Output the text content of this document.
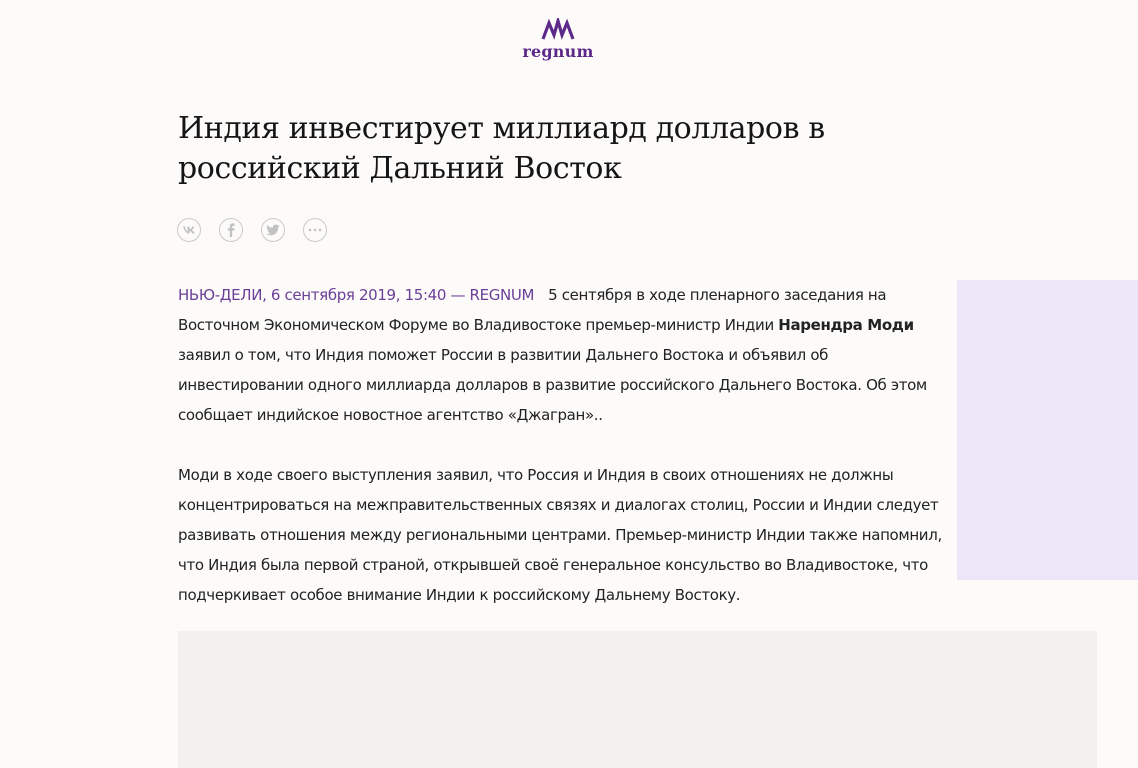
regnum
Индия инвестирует миллиард долларов в российский Дальний Восток

НЬЮ-ДЕЛИ, 6 сентября 2019, 15:40 — REGNUM 5 сентября в ходе пленарного заседания на Восточном Экономическом Форуме во Владивостоке премьер-министр Индии Нарендра Моди заявил о том, что Индия поможет России в развитии Дальнего Востока и объявил об инвестировании одного миллиарда долларов в развитие российского Дальнего Востока. Об этом сообщает индийское новостное агентство «Джагран»..

Моди в ходе своего выступления заявил, что Россия и Индия в своих отношениях не должны концентрироваться на межправительственных связях и диалогах столиц, России и Индии следует развивать отношения между региональными центрами. Премьер-министр Индии также напомнил, что Индия была первой страной, открывшей своё генеральное консульство во Владивостоке, что подчеркивает особое внимание Индии к российскому Дальнему Востоку.
